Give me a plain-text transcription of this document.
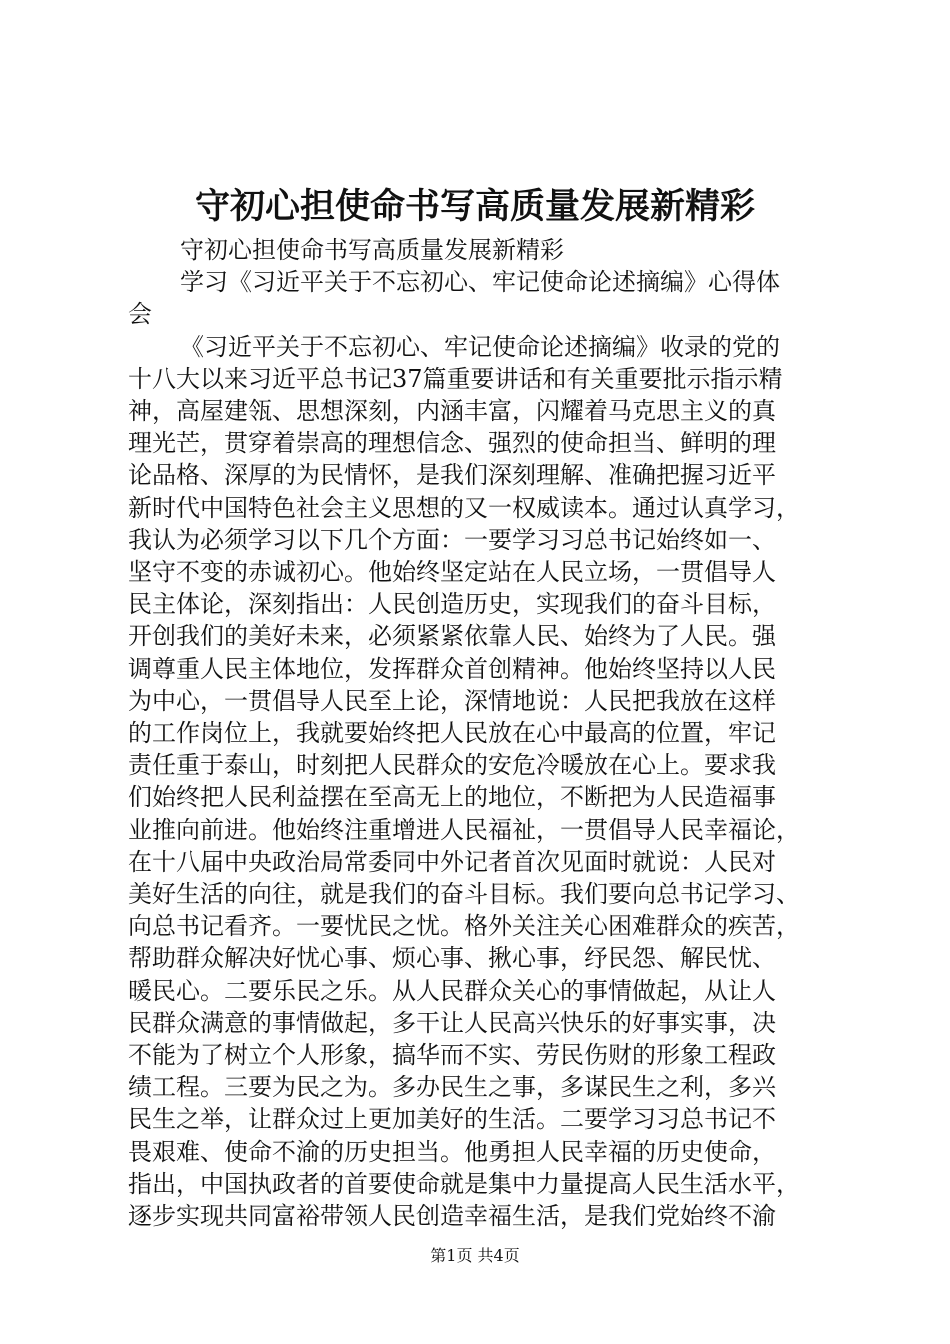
守初心担使命书写高质量发展新精彩

守初心担使命书写高质量发展新精彩

学习《习近平关于不忘初心、牢记使命论述摘编》心得体

会

《习近平关于不忘初心、牢记使命论述摘编》收录的党的

十八大以来习近平总书记37篇重要讲话和有关重要批示指示精

神，高屋建瓴、思想深刻，内涵丰富，闪耀着马克思主义的真

理光芒，贯穿着崇高的理想信念、强烈的使命担当、鲜明的理

论品格、深厚的为民情怀，是我们深刻理解、准确把握习近平

新时代中国特色社会主义思想的又一权威读本。通过认真学习，

我认为必须学习以下几个方面：一要学习习总书记始终如一、

坚守不变的赤诚初心。他始终坚定站在人民立场，一贯倡导人

民主体论，深刻指出：人民创造历史，实现我们的奋斗目标，

开创我们的美好未来，必须紧紧依靠人民、始终为了人民。强

调尊重人民主体地位，发挥群众首创精神。他始终坚持以人民

为中心，一贯倡导人民至上论，深情地说：人民把我放在这样

的工作岗位上，我就要始终把人民放在心中最高的位置，牢记

责任重于泰山，时刻把人民群众的安危冷暖放在心上。要求我

们始终把人民利益摆在至高无上的地位，不断把为人民造福事

业推向前进。他始终注重增进人民福祉，一贯倡导人民幸福论，

在十八届中央政治局常委同中外记者首次见面时就说：人民对

美好生活的向往，就是我们的奋斗目标。我们要向总书记学习、

向总书记看齐。一要忧民之忧。格外关注关心困难群众的疾苦，

帮助群众解决好忧心事、烦心事、揪心事，纾民怨、解民忧、

暖民心。二要乐民之乐。从人民群众关心的事情做起，从让人

民群众满意的事情做起，多干让人民高兴快乐的好事实事，决

不能为了树立个人形象，搞华而不实、劳民伤财的形象工程政

绩工程。三要为民之为。多办民生之事，多谋民生之利，多兴

民生之举，让群众过上更加美好的生活。二要学习习总书记不

畏艰难、使命不渝的历史担当。他勇担人民幸福的历史使命，

指出，中国执政者的首要使命就是集中力量提高人民生活水平，

逐步实现共同富裕带领人民创造幸福生活，是我们党始终不渝

第1页 共4页
